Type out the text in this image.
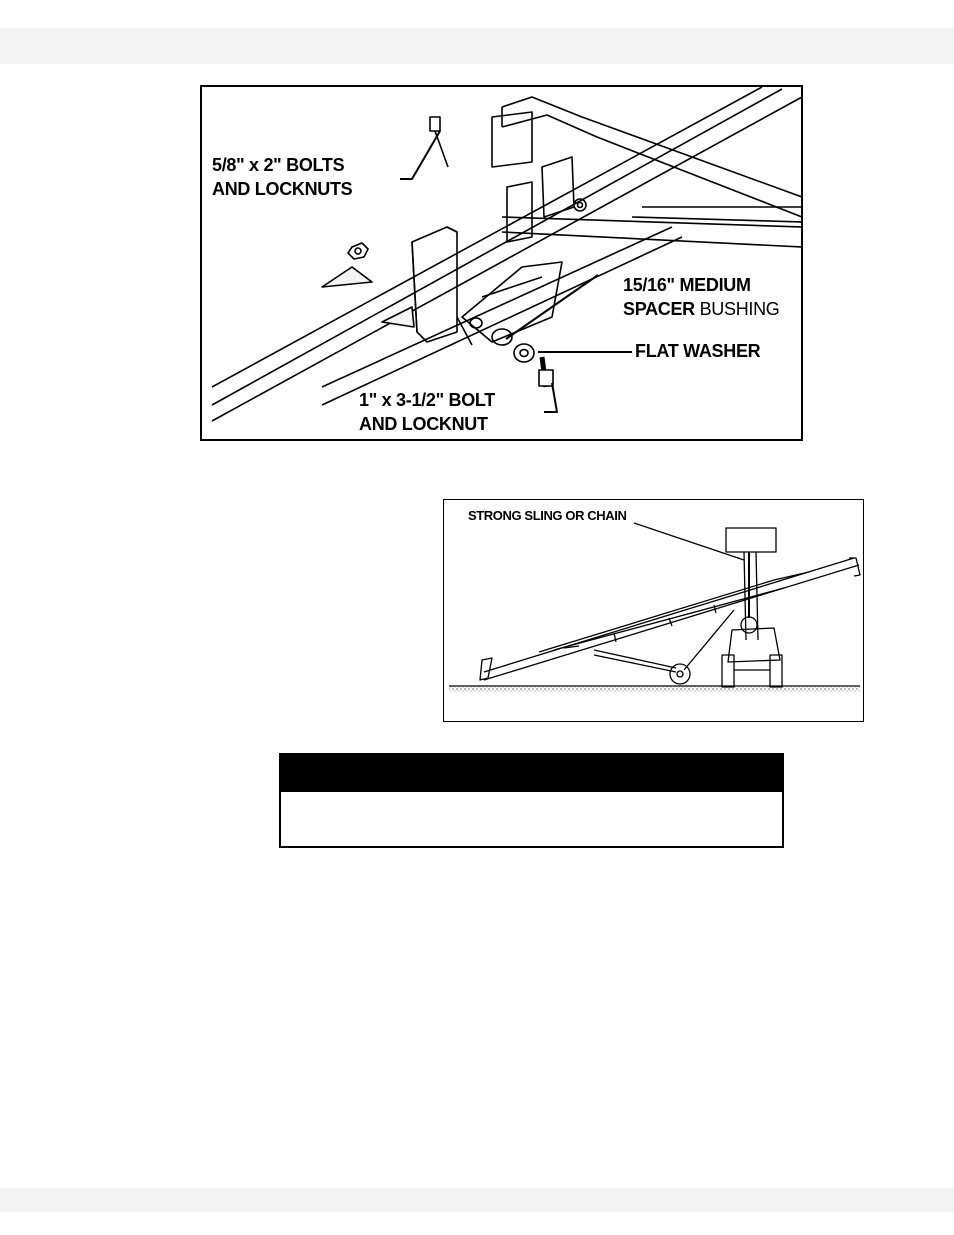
5/8" x 2" BOLTS
AND LOCKNUTS
15/16" MEDIUM
SPACER BUSHING
FLAT WASHER
1" x 3-1/2" BOLT
AND LOCKNUT
STRONG SLING OR CHAIN
